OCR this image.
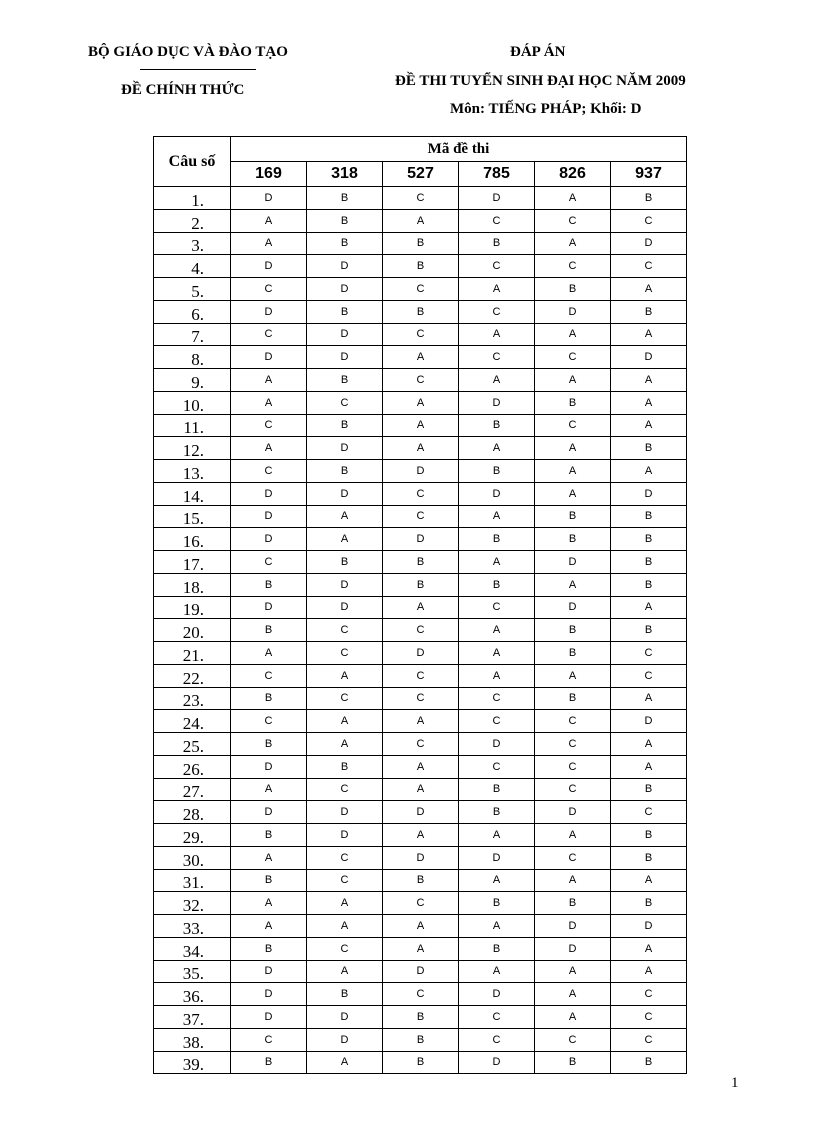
BỘ GIÁO DỤC VÀ ĐÀO TẠO
ĐỀ CHÍNH THỨC
ĐÁP ÁN
ĐỀ THI TUYỂN SINH ĐẠI HỌC NĂM 2009
Môn: TIẾNG PHÁP; Khối: D
Câu số	Mã đề thi					
	169	318	527	785	826	937
1.	D	B	C	D	A	B
2.	A	B	A	C	C	C
3.	A	B	B	B	A	D
4.	D	D	B	C	C	C
5.	C	D	C	A	B	A
6.	D	B	B	C	D	B
7.	C	D	C	A	A	A
8.	D	D	A	C	C	D
9.	A	B	C	A	A	A
10.	A	C	A	D	B	A
11.	C	B	A	B	C	A
12.	A	D	A	A	A	B
13.	C	B	D	B	A	A
14.	D	D	C	D	A	D
15.	D	A	C	A	B	B
16.	D	A	D	B	B	B
17.	C	B	B	A	D	B
18.	B	D	B	B	A	B
19.	D	D	A	C	D	A
20.	B	C	C	A	B	B
21.	A	C	D	A	B	C
22.	C	A	C	A	A	C
23.	B	C	C	C	B	A
24.	C	A	A	C	C	D
25.	B	A	C	D	C	A
26.	D	B	A	C	C	A
27.	A	C	A	B	C	B
28.	D	D	D	B	D	C
29.	B	D	A	A	A	B
30.	A	C	D	D	C	B
31.	B	C	B	A	A	A
32.	A	A	C	B	B	B
33.	A	A	A	A	D	D
34.	B	C	A	B	D	A
35.	D	A	D	A	A	A
36.	D	B	C	D	A	C
37.	D	D	B	C	A	C
38.	C	D	B	C	C	C
39.	B	A	B	D	B	B
1
